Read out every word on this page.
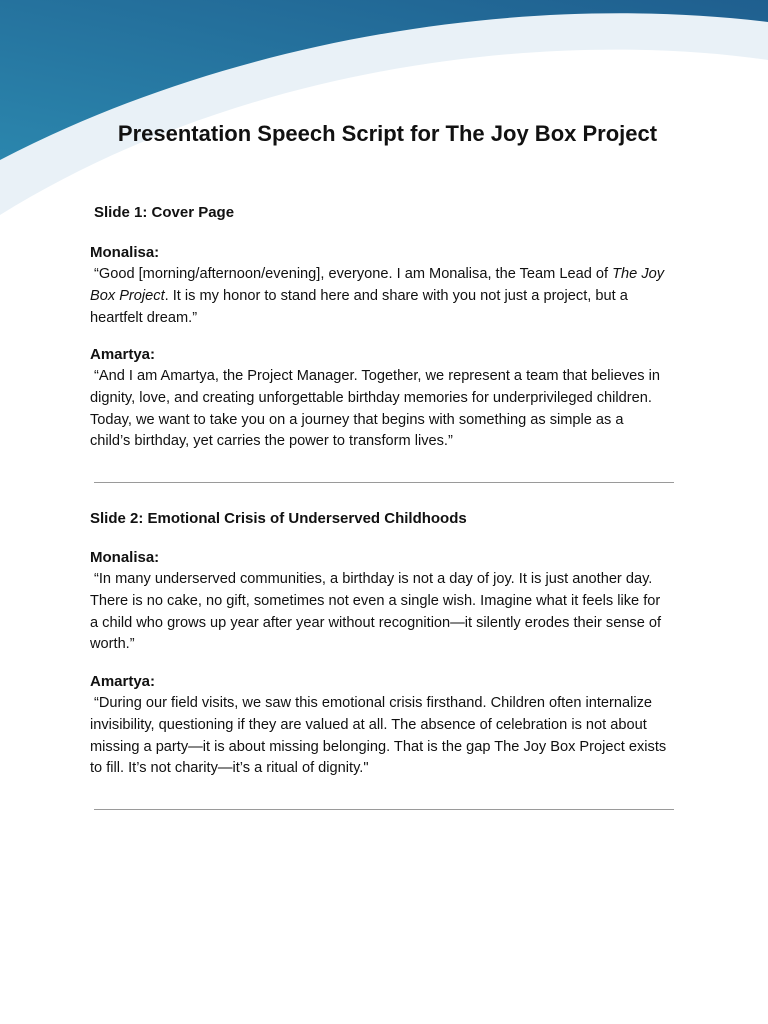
Presentation Speech Script for The Joy Box Project
Slide 1: Cover Page

Monalisa:

“Good [morning/afternoon/evening], everyone. I am Monalisa, the Team Lead of The Joy
Box Project. It is my honor to stand here and share with you not just a project, but a
heartfelt dream.”

Amartya:

“And I am Amartya, the Project Manager. Together, we represent a team that believes in
dignity, love, and creating unforgettable birthday memories for underprivileged children.
Today, we want to take you on a journey that begins with something as simple as a
child’s birthday, yet carries the power to transform lives.”

Slide 2: Emotional Crisis of Underserved Childhoods

Monalisa:

“In many underserved communities, a birthday is not a day of joy. It is just another day.
There is no cake, no gift, sometimes not even a single wish. Imagine what it feels like for
a child who grows up year after year without recognition—it silently erodes their sense of
worth.”

Amartya:

“During our field visits, we saw this emotional crisis firsthand. Children often internalize
invisibility, questioning if they are valued at all. The absence of celebration is not about
missing a party—it is about missing belonging. That is the gap The Joy Box Project exists
to fill. It’s not charity—it’s a ritual of dignity."
